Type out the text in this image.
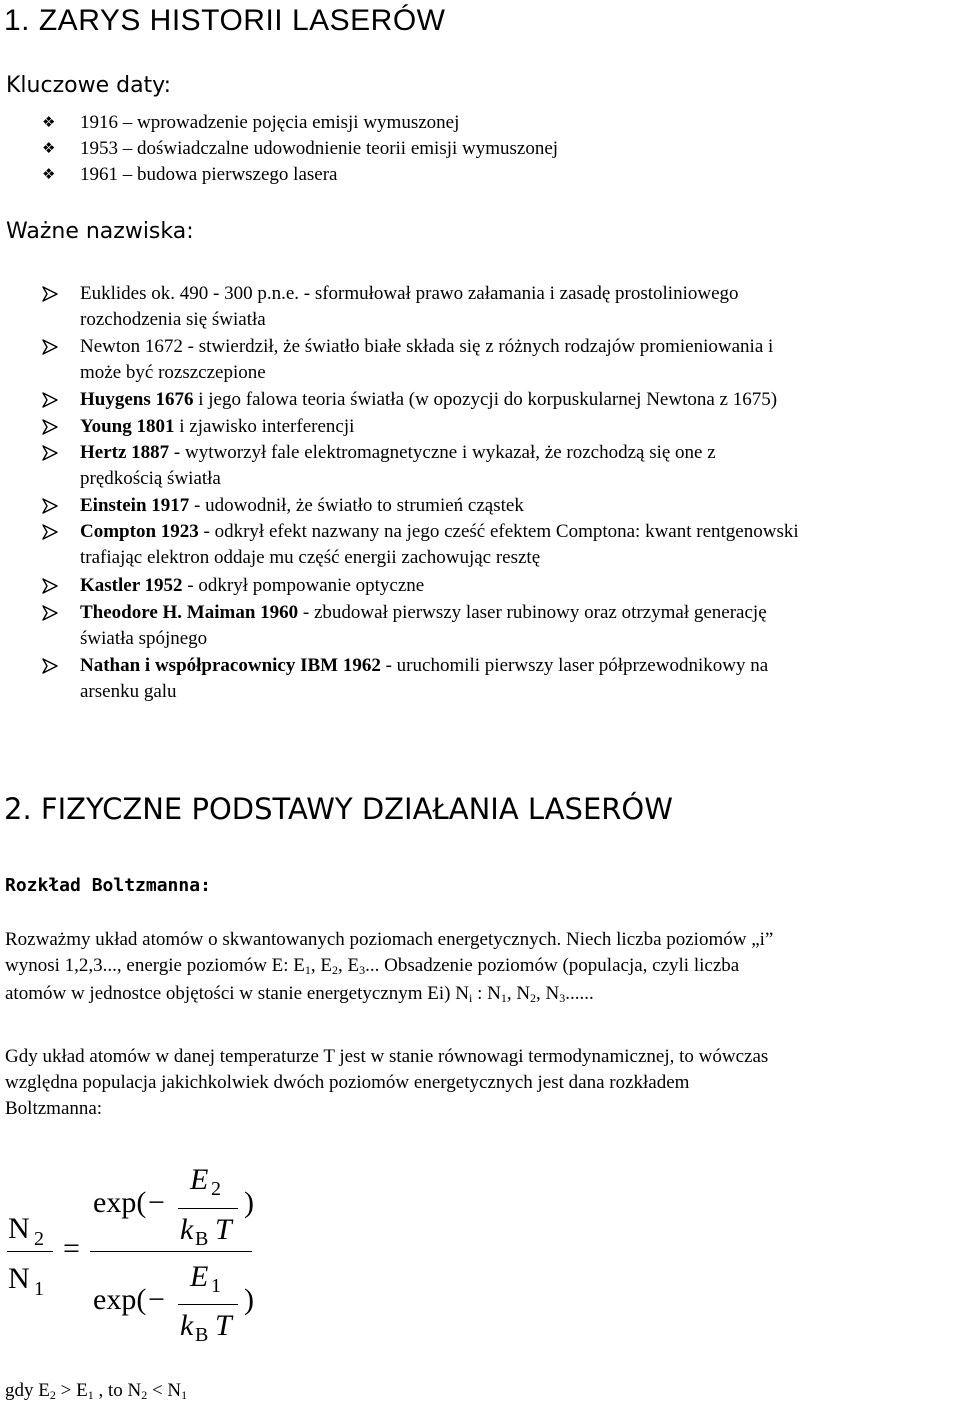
1. ZARYS HISTORII LASERÓW
Kluczowe daty:
❖ 1916 – wprowadzenie pojęcia emisji wymuszonej
❖ 1953 – doświadczalne udowodnienie teorii emisji wymuszonej
❖ 1961 – budowa pierwszego lasera
Ważne nazwiska:
Euklides ok. 490 - 300 p.n.e. - sformułował prawo załamania i zasadę prostoliniowego
rozchodzenia się światła
Newton 1672 - stwierdził, że światło białe składa się z różnych rodzajów promieniowania i
może być rozszczepione
Huygens 1676 i jego falowa teoria światła (w opozycji do korpuskularnej Newtona z 1675)
Young 1801 i zjawisko interferencji
Hertz 1887 - wytworzył fale elektromagnetyczne i wykazał, że rozchodzą się one z
prędkością światła
Einstein 1917 - udowodnił, że światło to strumień cząstek
Compton 1923 - odkrył efekt nazwany na jego cześć efektem Comptona: kwant rentgenowski
trafiając elektron oddaje mu część energii zachowując resztę
Kastler 1952 - odkrył pompowanie optyczne
Theodore H. Maiman 1960 - zbudował pierwszy laser rubinowy oraz otrzymał generację
światła spójnego
Nathan i współpracownicy IBM 1962 - uruchomili pierwszy laser półprzewodnikowy na
arsenku galu
2. FIZYCZNE PODSTAWY DZIAŁANIA LASERÓW
Rozkład Boltzmanna:
Rozważmy układ atomów o skwantowanych poziomach energetycznych. Niech liczba poziomów „i”
wynosi 1,2,3..., energie poziomów E: $E_1$, $E_2$, $E_3$... Obsadzenie poziomów (populacja, czyli liczba
atomów w jednostce objętości w stanie energetycznym Ei) $N_i$ : $N_1$, $N_2$, $N_3$......
Gdy układ atomów w danej temperaturze T jest w stanie równowagi termodynamicznej, to wówczas
względna populacja jakichkolwiek dwóch poziomów energetycznych jest dana rozkładem
Boltzmanna:
N 2
N 1
=
exp( −
E 2
k B T
)
exp( −
E 1
k B T
)
gdy $E_2 > E_1$ , to $N_2 < N_1$
